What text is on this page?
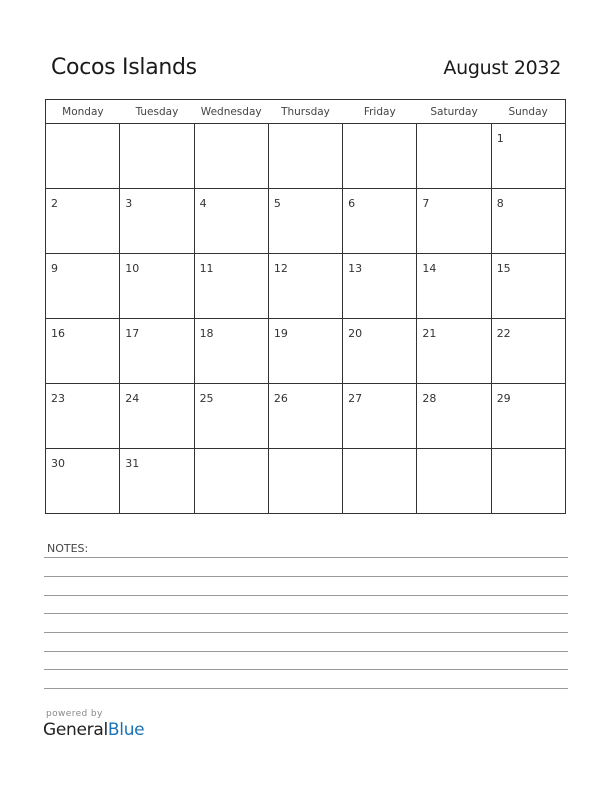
Cocos Islands	August 2032
Monday	Tuesday	Wednesday	Thursday	Friday	Saturday	Sunday

						1

2	3	4	5	6	7	8

9	10	11	12	13	14	15

16	17	18	19	20	21	22

23	24	25	26	27	28	29

30	31					

NOTES:
powered by
GeneralBlue
